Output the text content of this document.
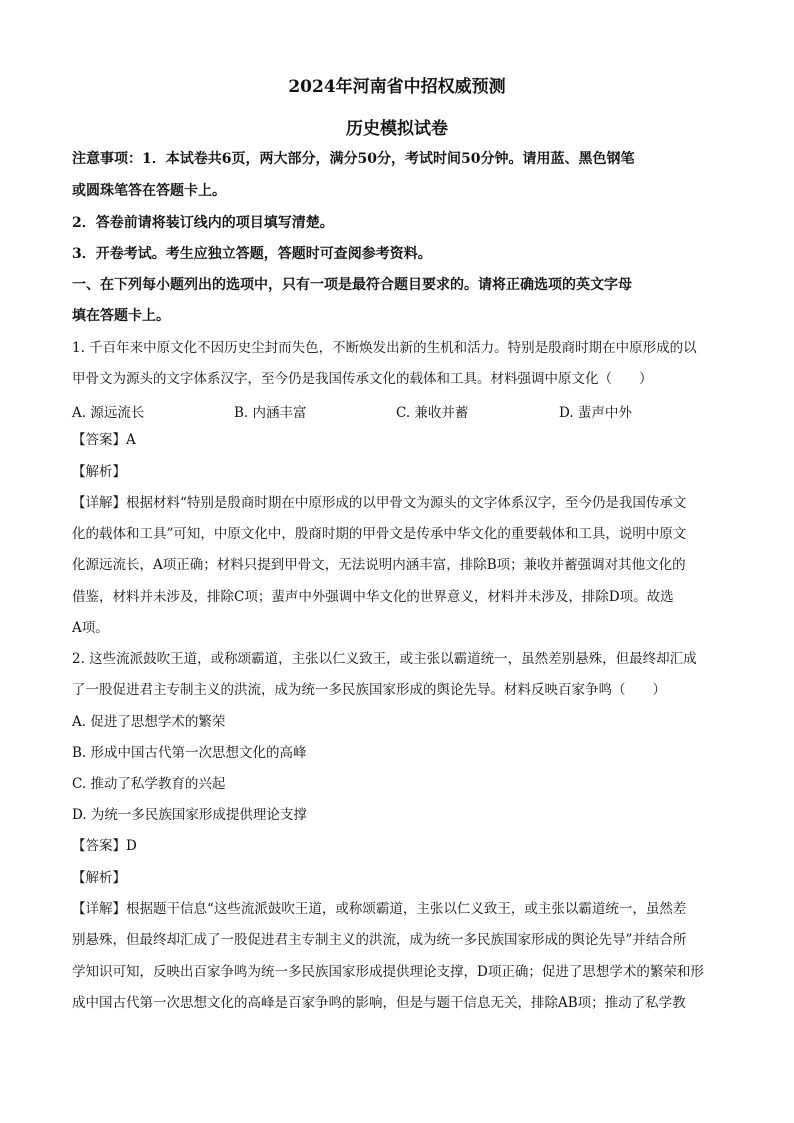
2024年河南省中招权威预测
历史模拟试卷
注意事项：1．本试卷共6页，两大部分，满分50分，考试时间50分钟。请用蓝、黑色钢笔
或圆珠笔答在答题卡上。
2．答卷前请将装订线内的项目填写清楚。
3．开卷考试。考生应独立答题，答题时可查阅参考资料。
一、在下列每小题列出的选项中，只有一项是最符合题目要求的。请将正确选项的英文字母
填在答题卡上。
1. 千百年来中原文化不因历史尘封而失色，不断焕发出新的生机和活力。特别是殷商时期在中原形成的以
甲骨文为源头的文字体系汉字，至今仍是我国传承文化的载体和工具。材料强调中原文化（　　）
A. 源远流长	B. 内涵丰富	C. 兼收并蓄	D. 蜚声中外
【答案】A
【解析】
【详解】根据材料“特别是殷商时期在中原形成的以甲骨文为源头的文字体系汉字，至今仍是我国传承文
化的载体和工具”可知，中原文化中，殷商时期的甲骨文是传承中华文化的重要载体和工具，说明中原文
化源远流长，A项正确；材料只提到甲骨文，无法说明内涵丰富，排除B项；兼收并蓄强调对其他文化的
借鉴，材料并未涉及，排除C项；蜚声中外强调中华文化的世界意义，材料并未涉及，排除D项。故选
A项。
2. 这些流派鼓吹王道，或称颂霸道，主张以仁义致王，或主张以霸道统一，虽然差别悬殊，但最终却汇成
了一股促进君主专制主义的洪流，成为统一多民族国家形成的舆论先导。材料反映百家争鸣（　　）
A. 促进了思想学术的繁荣
B. 形成中国古代第一次思想文化的高峰
C. 推动了私学教育的兴起
D. 为统一多民族国家形成提供理论支撑
【答案】D
【解析】
【详解】根据题干信息“这些流派鼓吹王道，或称颂霸道，主张以仁义致王，或主张以霸道统一，虽然差
别悬殊，但最终却汇成了一股促进君主专制主义的洪流，成为统一多民族国家形成的舆论先导”并结合所
学知识可知，反映出百家争鸣为统一多民族国家形成提供理论支撑，D项正确；促进了思想学术的繁荣和形
成中国古代第一次思想文化的高峰是百家争鸣的影响，但是与题干信息无关，排除AB项；推动了私学教
